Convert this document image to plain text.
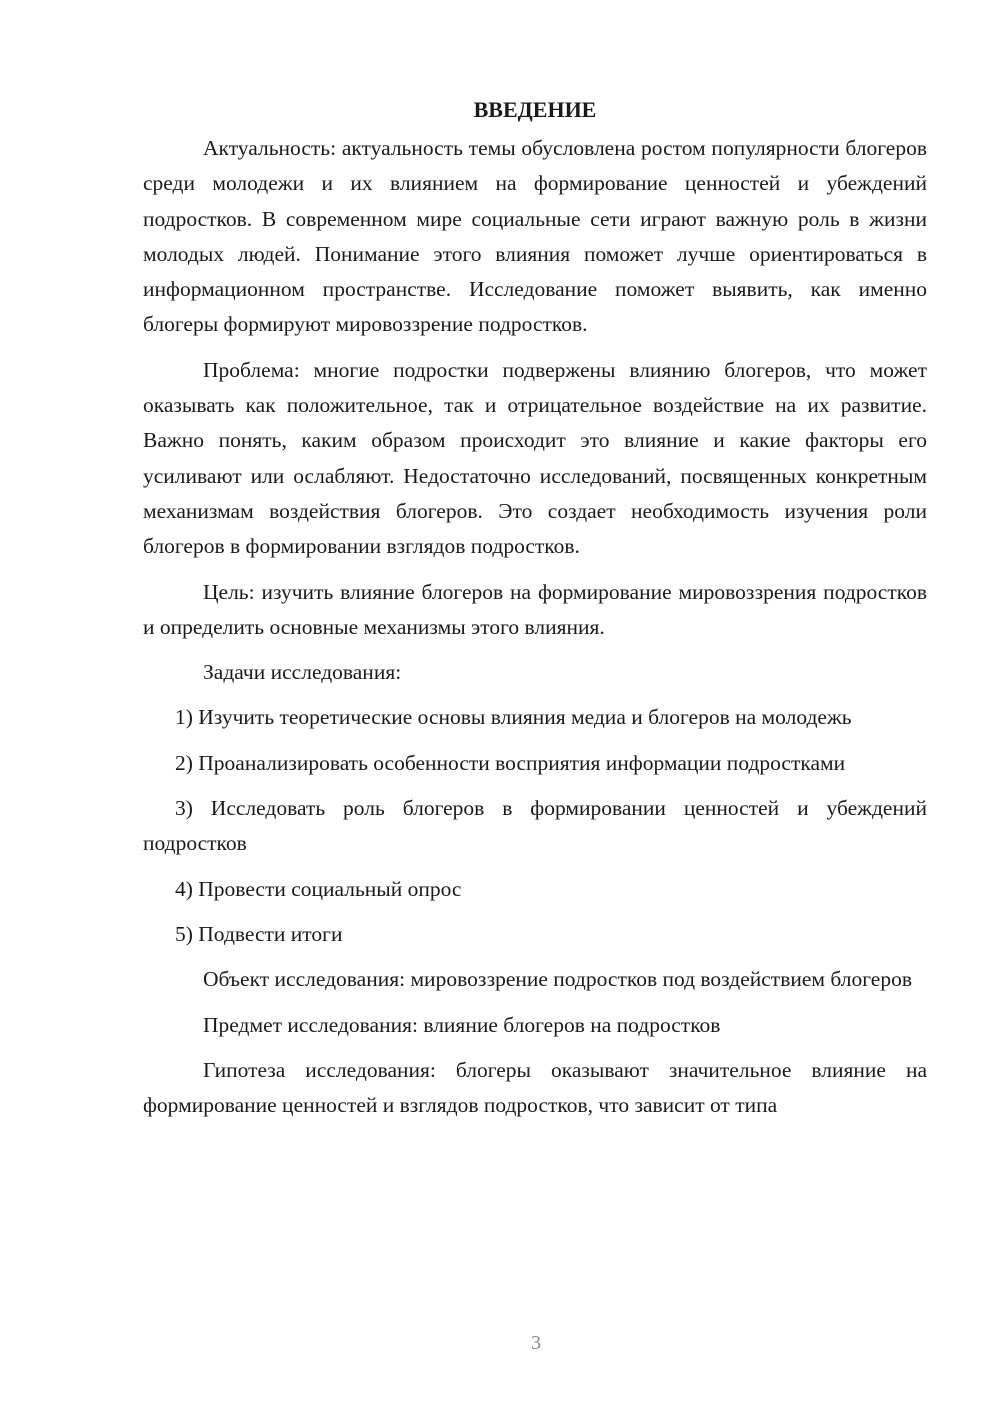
ВВЕДЕНИЕ

Актуальность: актуальность темы обусловлена ростом популярности блогеров среди молодежи и их влиянием на формирование ценностей и убеждений подростков. В современном мире социальные сети играют важную роль в жизни молодых людей. Понимание этого влияния поможет лучше ориентироваться в информационном пространстве. Исследование поможет выявить, как именно блогеры формируют мировоззрение подростков.

Проблема: многие подростки подвержены влиянию блогеров, что может оказывать как положительное, так и отрицательное воздействие на их развитие. Важно понять, каким образом происходит это влияние и какие факторы его усиливают или ослабляют. Недостаточно исследований, посвященных конкретным механизмам воздействия блогеров. Это создает необходимость изучения роли блогеров в формировании взглядов подростков.

Цель: изучить влияние блогеров на формирование мировоззрения подростков и определить основные механизмы этого влияния.

Задачи исследования:

1) Изучить теоретические основы влияния медиа и блогеров на молодежь

2) Проанализировать особенности восприятия информации подростками

3) Исследовать роль блогеров в формировании ценностей и убеждений подростков

4) Провести социальный опрос

5) Подвести итоги

Объект исследования: мировоззрение подростков под воздействием блогеров

Предмет исследования: влияние блогеров на подростков

Гипотеза исследования: блогеры оказывают значительное влияние на формирование ценностей и взглядов подростков, что зависит от типа

3
